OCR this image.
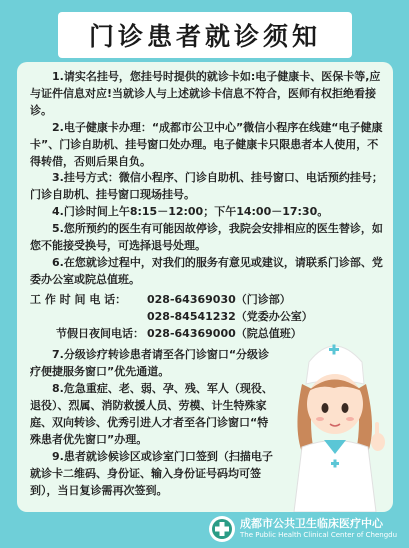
门诊患者就诊须知

1.请实名挂号，您挂号时提供的就诊卡如:电子健康卡、医保卡等,应与证件信息对应!当就诊人与上述就诊卡信息不符合，医师有权拒绝看接诊。

2.电子健康卡办理：“成都市公卫中心”微信小程序在线建“电子健康卡”、门诊自助机、挂号窗口处办理。电子健康卡只限患者本人使用，不得转借，否则后果自负。

3.挂号方式：微信小程序、门诊自助机、挂号窗口、电话预约挂号；门诊自助机、挂号窗口现场挂号。

4.门诊时间上午8:15－12:00；下午14:00－17:30。

5.您所预约的医生有可能因故停诊，我院会安排相应的医生替诊，如您不能接受换号，可选择退号处理。

6.在您就诊过程中，对我们的服务有意见或建议，请联系门诊部、党委办公室或院总值班。

工 作 时 间 电 话： 028-64369030（门诊部）
028-84541232（党委办公室）
节假日夜间电话： 028-64369000（院总值班）

7.分级诊疗转诊患者请至各门诊窗口“分级诊疗便捷服务窗口”优先通道。

8.危急重症、老、弱、孕、残、军人（现役、退役）、烈属、消防救援人员、劳模、计生特殊家庭、双向转诊、优秀引进人才者至各门诊窗口“特殊患者优先窗口”办理。

9.患者就诊候诊区或诊室门口签到（扫描电子就诊卡二维码、身份证、输入身份证号码均可签到），当日复诊需再次签到。

成都市公共卫生临床医疗中心
The Public Health Clinical Center of Chengdu
